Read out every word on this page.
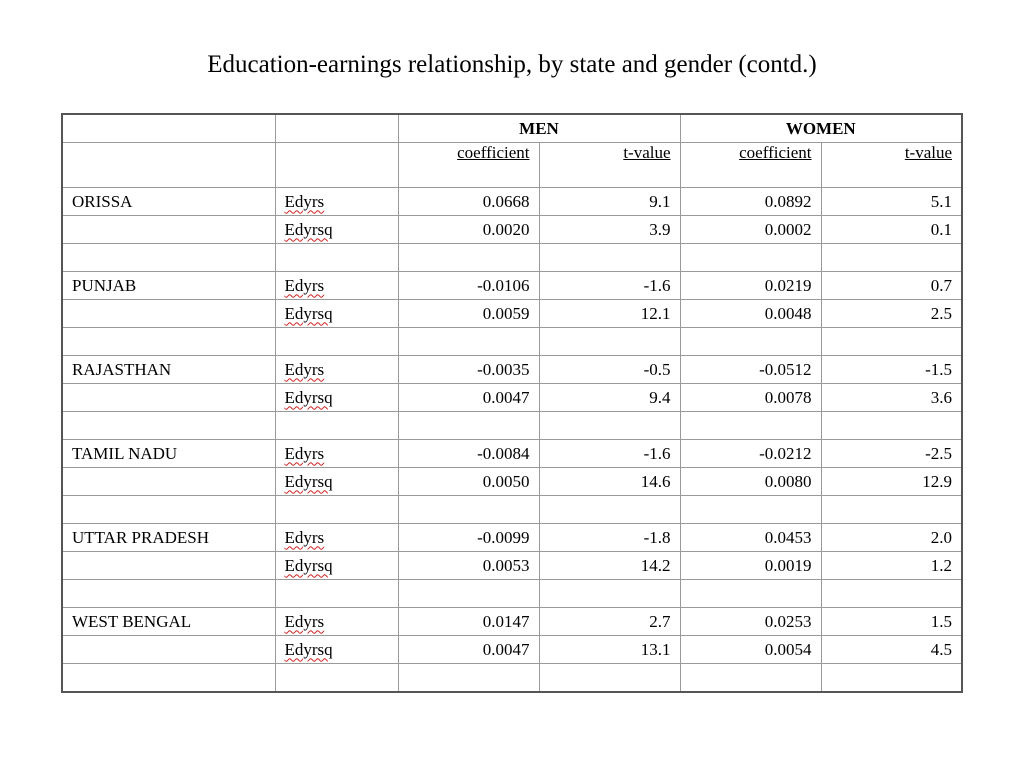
Education-earnings relationship, by state and gender (contd.)
		MEN		WOMEN	
		coefficient	t-value	coefficient	t-value
ORISSA	Edyrs	0.0668	9.1	0.0892	5.1
	Edyrsq	0.0020	3.9	0.0002	0.1

PUNJAB	Edyrs	-0.0106	-1.6	0.0219	0.7
	Edyrsq	0.0059	12.1	0.0048	2.5

RAJASTHAN	Edyrs	-0.0035	-0.5	-0.0512	-1.5
	Edyrsq	0.0047	9.4	0.0078	3.6

TAMIL NADU	Edyrs	-0.0084	-1.6	-0.0212	-2.5
	Edyrsq	0.0050	14.6	0.0080	12.9

UTTAR PRADESH	Edyrs	-0.0099	-1.8	0.0453	2.0
	Edyrsq	0.0053	14.2	0.0019	1.2

WEST BENGAL	Edyrs	0.0147	2.7	0.0253	1.5
	Edyrsq	0.0047	13.1	0.0054	4.5
